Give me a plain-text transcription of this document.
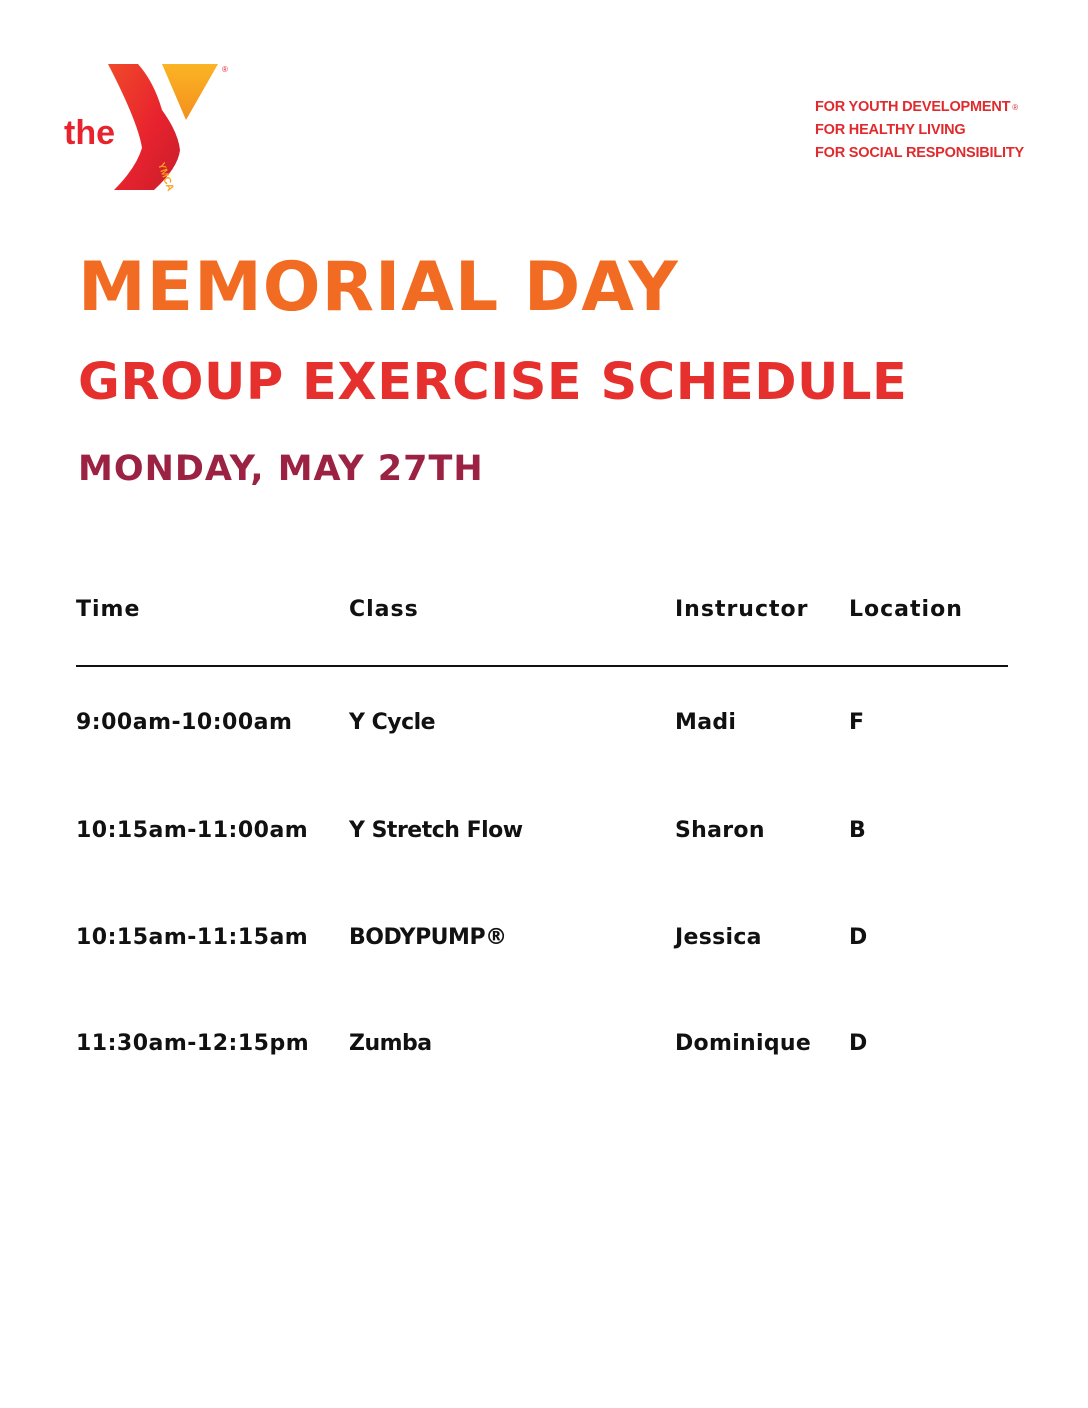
the
YMCA
®
FOR YOUTH DEVELOPMENT ®
FOR HEALTHY LIVING
FOR SOCIAL RESPONSIBILITY
MEMORIAL DAY
GROUP EXERCISE SCHEDULE
MONDAY, MAY 27TH
Time	Class	Instructor Location
9:00am-10:00am	Y Cycle	Madi	F
10:15am-11:00am Y Stretch Flow	Sharon	B
10:15am-11:15am BODYPUMP®	Jessica	D
11:30am-12:15pm Zumba	Dominique D
